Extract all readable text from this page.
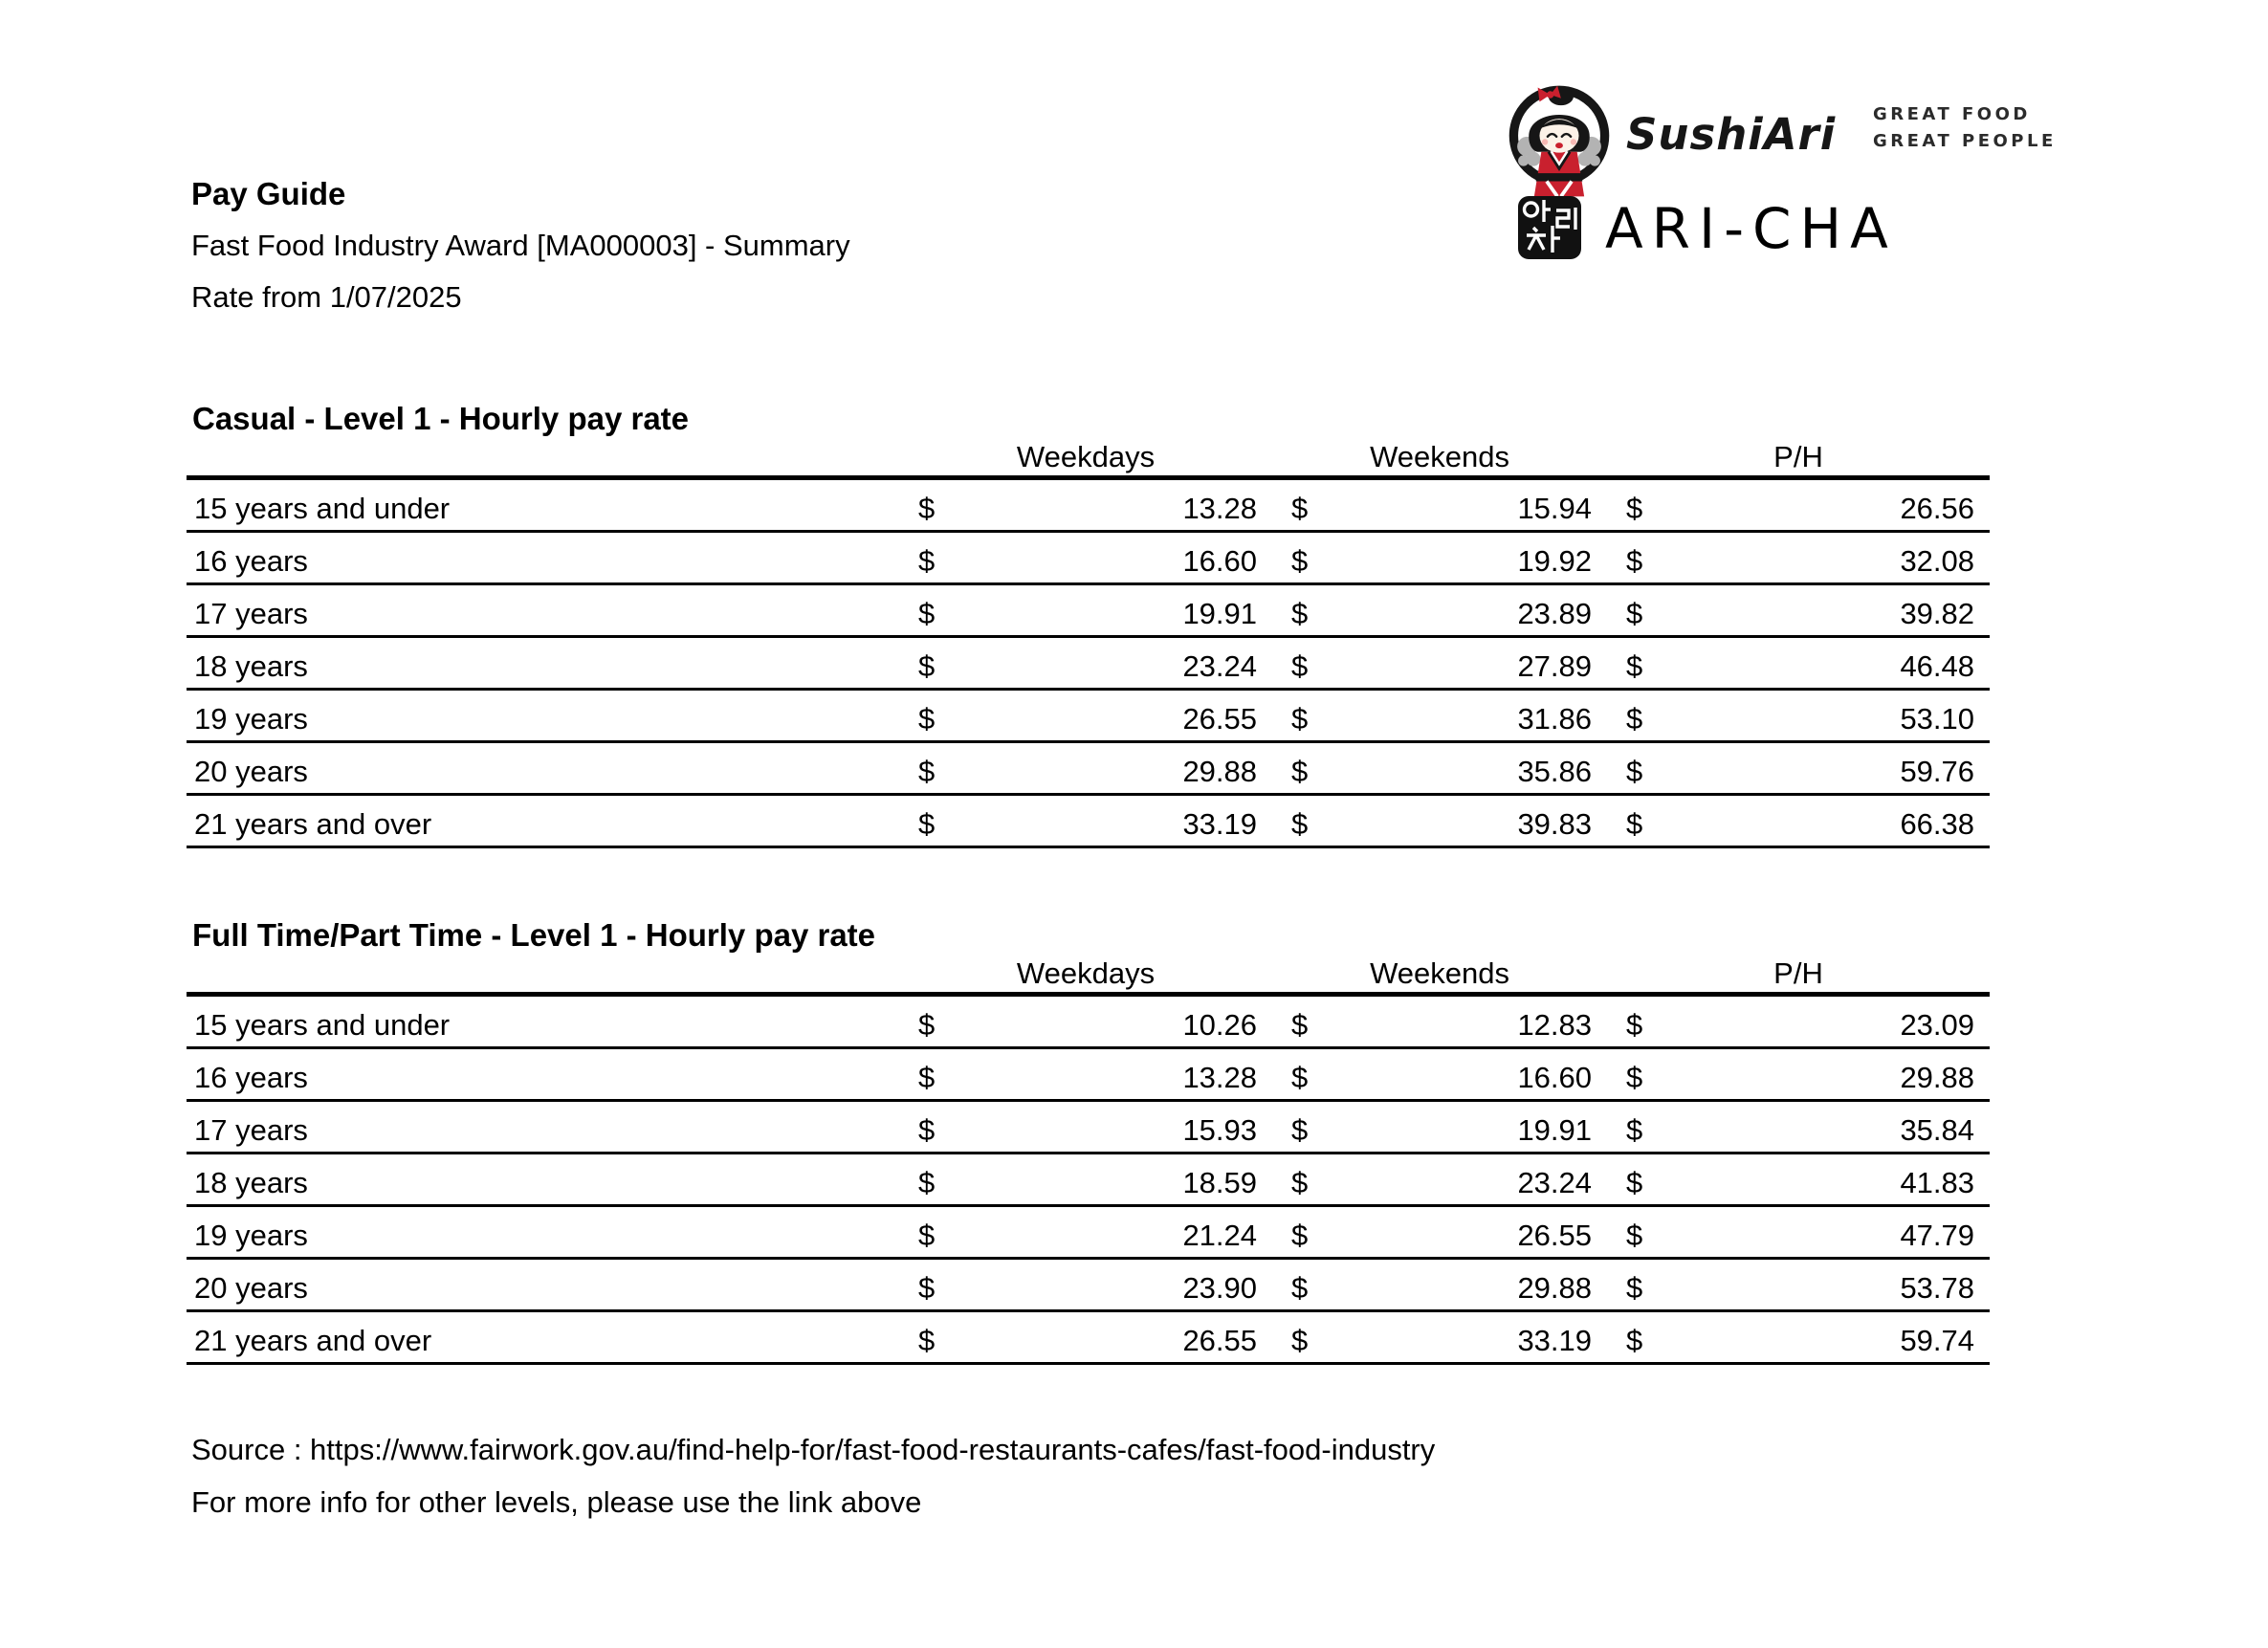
Pay Guide
Fast Food Industry Award [MA000003] - Summary
Rate from 1/07/2025
SushiAri GREAT FOOD
GREAT PEOPLE
ARI-CHA
Casual - Level 1 - Hourly pay rate
	Weekdays		Weekends		P/H	
15 years and under	$	13.28	$	15.94	$	26.56
16 years	$	16.60	$	19.92	$	32.08
17 years	$	19.91	$	23.89	$	39.82
18 years	$	23.24	$	27.89	$	46.48
19 years	$	26.55	$	31.86	$	53.10
20 years	$	29.88	$	35.86	$	59.76
21 years and over	$	33.19	$	39.83	$	66.38
Full Time/Part Time - Level 1 - Hourly pay rate
	Weekdays		Weekends		P/H	
15 years and under	$	10.26	$	12.83	$	23.09
16 years	$	13.28	$	16.60	$	29.88
17 years	$	15.93	$	19.91	$	35.84
18 years	$	18.59	$	23.24	$	41.83
19 years	$	21.24	$	26.55	$	47.79
20 years	$	23.90	$	29.88	$	53.78
21 years and over	$	26.55	$	33.19	$	59.74
Source : https://www.fairwork.gov.au/find-help-for/fast-food-restaurants-cafes/fast-food-industry
For more info for other levels, please use the link above
